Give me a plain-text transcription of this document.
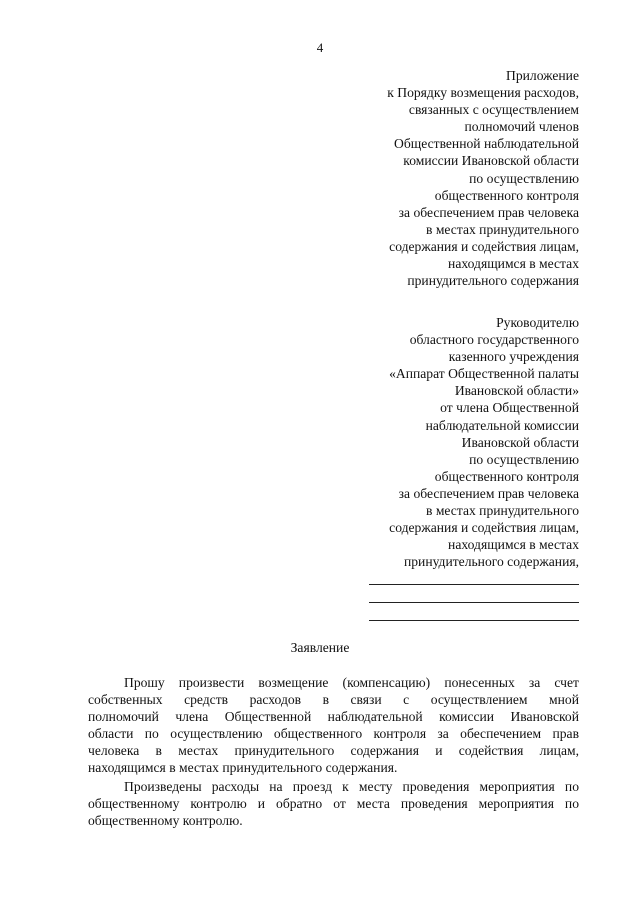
4
Приложение
к Порядку возмещения расходов,
связанных с осуществлением
полномочий членов
Общественной наблюдательной
комиссии Ивановской области
по осуществлению
общественного контроля
за обеспечением прав человека
в местах принудительного
содержания и содействия лицам,
находящимся в местах
принудительного содержания
Руководителю
областного государственного
казенного учреждения
«Аппарат Общественной палаты
Ивановской области»
от члена Общественной
наблюдательной комиссии
Ивановской области
по осуществлению
общественного контроля
за обеспечением прав человека
в местах принудительного
содержания и содействия лицам,
находящимся в местах
принудительного содержания,
Заявление
Прошу произвести возмещение (компенсацию) понесенных за счет
собственных средств расходов в связи с осуществлением мной
полномочий члена Общественной наблюдательной комиссии Ивановской
области по осуществлению общественного контроля за обеспечением прав
человека в местах принудительного содержания и содействия лицам,
находящимся в местах принудительного содержания.
Произведены расходы на проезд к месту проведения мероприятия по
общественному контролю и обратно от места проведения мероприятия по
общественному контролю.
